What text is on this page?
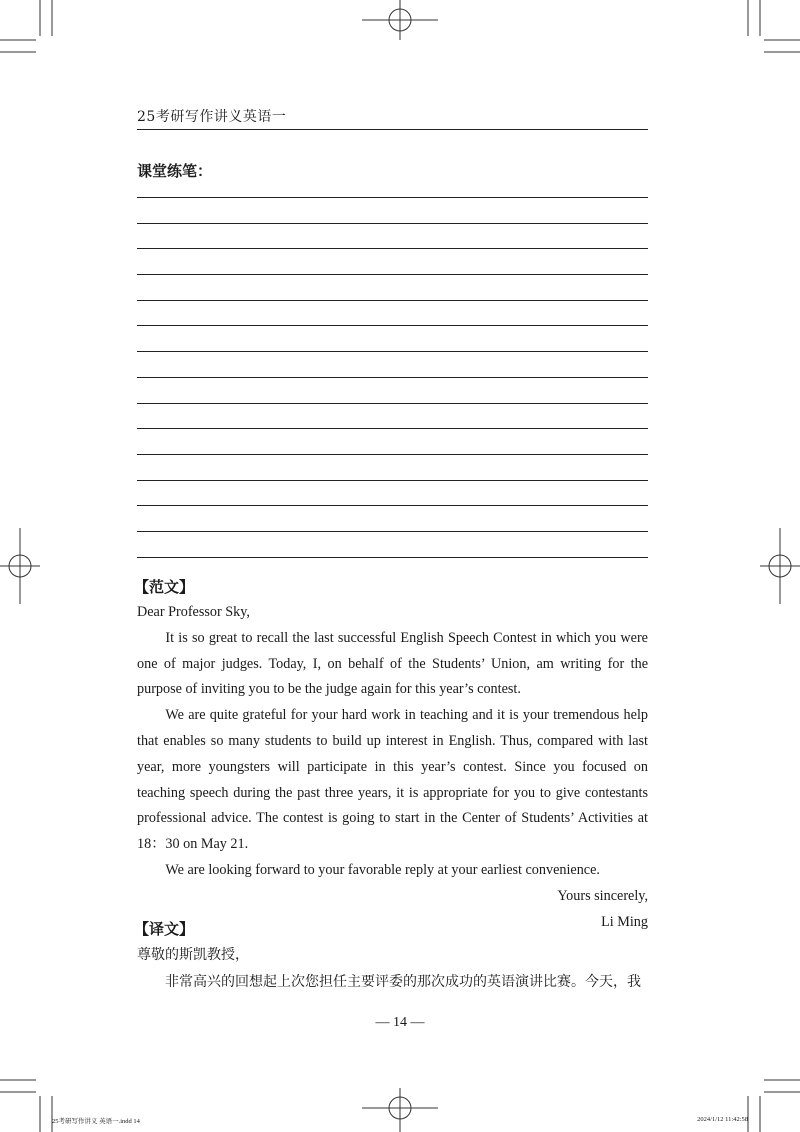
25考研写作讲义英语一
课堂练笔：
【范文】

Dear Professor Sky,

It is so great to recall the last successful English Speech Contest in which you were one of major judges. Today, I, on behalf of the Students’ Union, am writing for the purpose of inviting you to be the judge again for this year’s contest.

We are quite grateful for your hard work in teaching and it is your tremendous help that enables so many students to build up interest in English. Thus, compared with last year, more youngsters will participate in this year’s contest. Since you focused on teaching speech during the past three years, it is appropriate for you to give contestants professional advice. The contest is going to start in the Center of Students’ Activities at 18：30 on May 21.

We are looking forward to your favorable reply at your earliest convenience.

Yours sincerely,

Li Ming

【译文】

尊敬的斯凯教授，

非常高兴的回想起上次您担任主要评委的那次成功的英语演讲比赛。今天，我

— 14 —
25考研写作讲义 英语一.indd 14	2024/1/12 11:42:58
